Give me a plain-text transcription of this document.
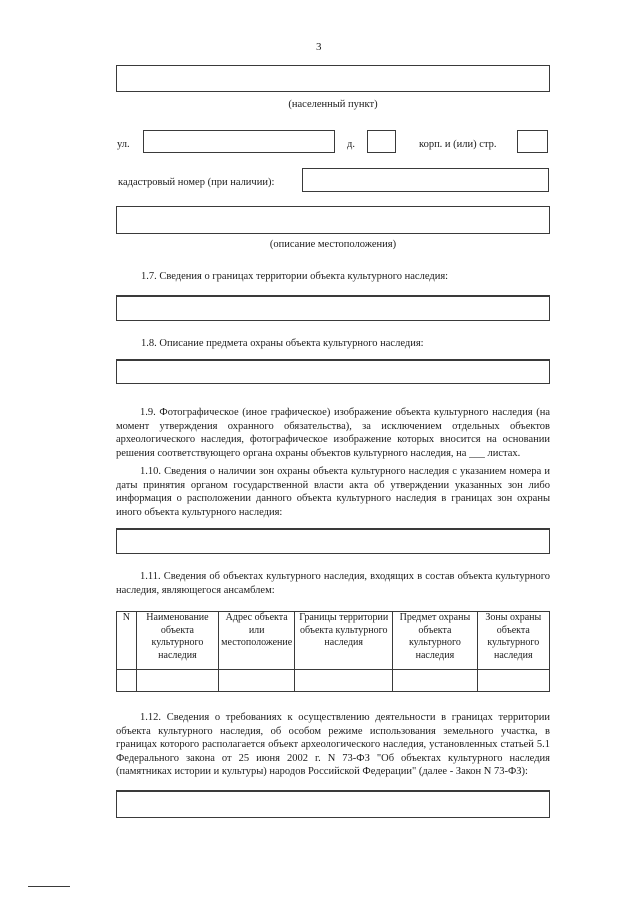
3
(населенный пункт)
ул.	д.	корп. и (или) стр.
кадастровый номер (при наличии):
(описание местоположения)
1.7. Сведения о границах территории объекта культурного наследия:
1.8. Описание предмета охраны объекта культурного наследия:
1.9. Фотографическое (иное графическое) изображение объекта культурного наследия (на момент утверждения охранного обязательства), за исключением отдельных объектов археологического наследия, фотографическое изображение которых вносится на основании решения соответствующего органа охраны объектов культурного наследия, на ___ листах.
1.10. Сведения о наличии зон охраны объекта культурного наследия с указанием номера и даты принятия органом государственной власти акта об утверждении указанных зон либо информация о расположении данного объекта культурного наследия в границах зон охраны иного объекта культурного наследия:
1.11. Сведения об объектах культурного наследия, входящих в состав объекта культурного наследия, являющегося ансамблем:
N	Наименование объекта культурного наследия	Адрес объекта или местоположение	Границы территории объекта культурного наследия	Предмет охраны объекта культурного наследия	Зоны охраны объекта культурного наследия

1.12. Сведения о требованиях к осуществлению деятельности в границах территории объекта культурного наследия, об особом режиме использования земельного участка, в границах которого располагается объект археологического наследия, установленных статьей 5.1 Федерального закона от 25 июня 2002 г. N 73-ФЗ "Об объектах культурного наследия (памятниках истории и культуры) народов Российской Федерации" (далее - Закон N 73-ФЗ):
